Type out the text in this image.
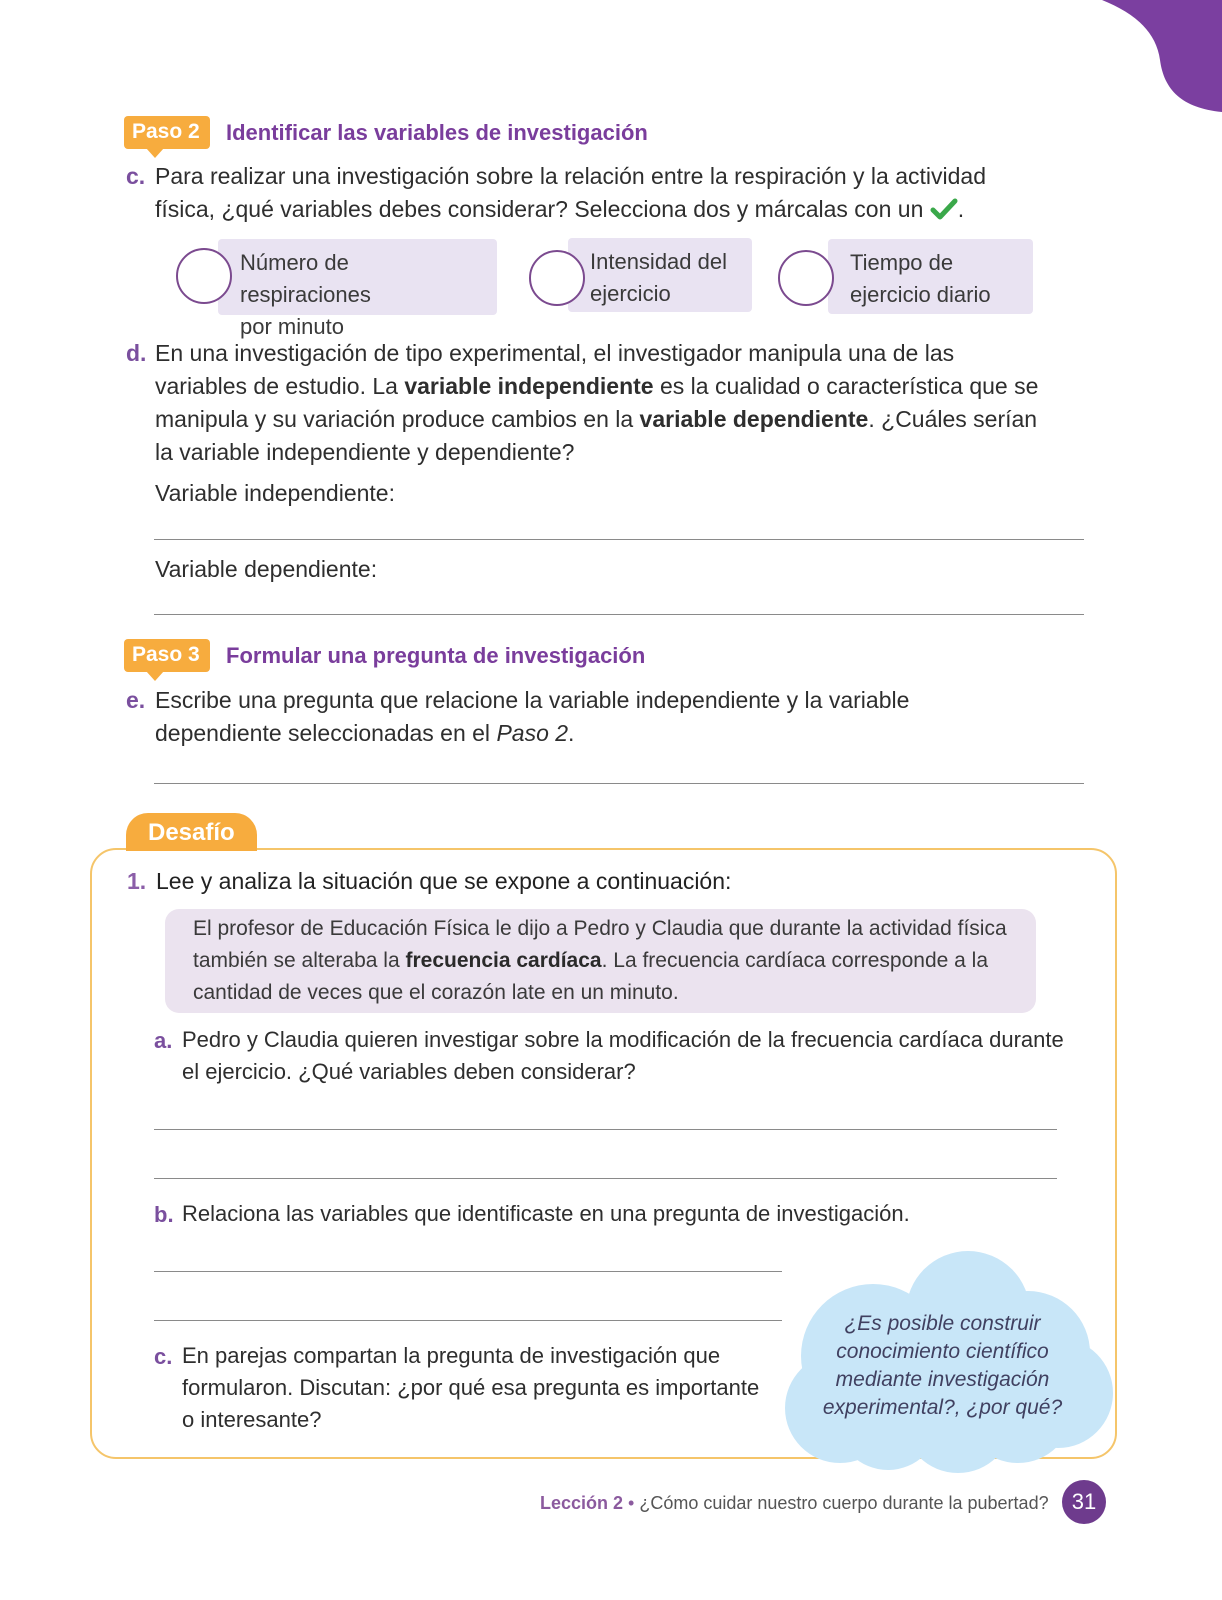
Paso 2	Identificar las variables de investigación
c. Para realizar una investigación sobre la relación entre la respiración y la actividad
física, ¿qué variables debes considerar? Selecciona dos y márcalas con un .
Número de respiraciones
por minuto
Intensidad del
ejercicio
Tiempo de
ejercicio diario
d. En una investigación de tipo experimental, el investigador manipula una de las
variables de estudio. La variable independiente es la cualidad o característica que se
manipula y su variación produce cambios en la variable dependiente. ¿Cuáles serían
la variable independiente y dependiente?
Variable independiente:
Variable dependiente:
Paso 3	Formular una pregunta de investigación
e. Escribe una pregunta que relacione la variable independiente y la variable
dependiente seleccionadas en el Paso 2.
Desafío
1. Lee y analiza la situación que se expone a continuación:
El profesor de Educación Física le dijo a Pedro y Claudia que durante la actividad física
también se alteraba la frecuencia cardíaca. La frecuencia cardíaca corresponde a la
cantidad de veces que el corazón late en un minuto.
a. Pedro y Claudia quieren investigar sobre la modificación de la frecuencia cardíaca durante
el ejercicio. ¿Qué variables deben considerar?
b. Relaciona las variables que identificaste en una pregunta de investigación.
c. En parejas compartan la pregunta de investigación que
formularon. Discutan: ¿por qué esa pregunta es importante
o interesante?
¿Es posible construir
conocimiento científico
mediante investigación
experimental?, ¿por qué?
Lección 2 • ¿Cómo cuidar nuestro cuerpo durante la pubertad?	31
